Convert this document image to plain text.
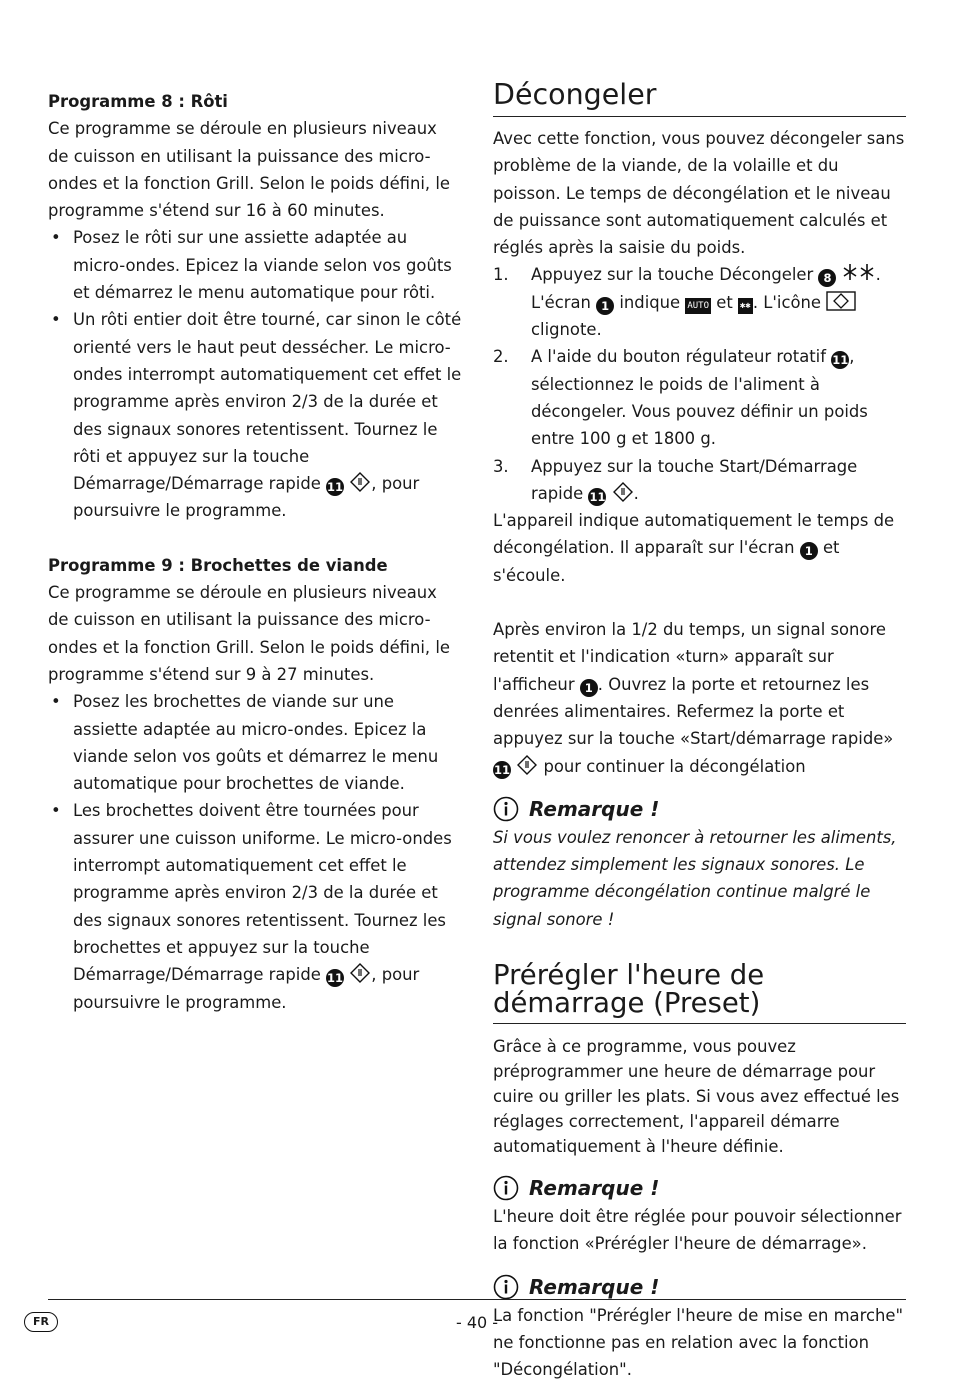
Programme 8 : Rôti

Ce programme se déroule en plusieurs niveaux de cuisson en utilisant la puissance des micro-ondes et la fonction Grill. Selon le poids défini, le programme s'étend sur 16 à 60 minutes.

• Posez le rôti sur une assiette adaptée au micro-ondes. Epicez la viande selon vos goûts et démarrez le menu automatique pour rôti.
• Un rôti entier doit être tourné, car sinon le côté orienté vers le haut peut dessécher. Le micro-ondes interrompt automatiquement cet effet le programme après environ 2/3 de la durée et des signaux sonores retentissent. Tournez le rôti et appuyez sur la touche Démarrage/Démarrage rapide 11 , pour poursuivre le programme.

Programme 9 : Brochettes de viande

Ce programme se déroule en plusieurs niveaux de cuisson en utilisant la puissance des micro-ondes et la fonction Grill. Selon le poids défini, le programme s'étend sur 9 à 27 minutes.

• Posez les brochettes de viande sur une assiette adaptée au micro-ondes. Epicez la viande selon vos goûts et démarrez le menu automatique pour brochettes de viande.
• Les brochettes doivent être tournées pour assurer une cuisson uniforme. Le micro-ondes interrompt automatiquement cet effet le programme après environ 2/3 de la durée et des signaux sonores retentissent. Tournez les brochettes et appuyez sur la touche Démarrage/Démarrage rapide 11 , pour poursuivre le programme.
Décongeler

Avec cette fonction, vous pouvez décongeler sans problème de la viande, de la volaille et du poisson. Le temps de décongélation et le niveau de puissance sont automatiquement calculés et réglés après la saisie du poids.

1. Appuyez sur la touche Décongeler 8	. L'écran 1 indique AUTO et ✱✱ . L'icône  clignote.
2. A l'aide du bouton régulateur rotatif 11, sélectionnez le poids de l'aliment à décongeler. Vous pouvez définir un poids entre 100 g et 1800 g.
3. Appuyez sur la touche Start/Démarrage rapide 11 .

L'appareil indique automatiquement le temps de décongélation. Il apparaît sur l'écran 1 et s'écoule.

Après environ la 1/2 du temps, un signal sonore retentit et l'indication «turn» apparaît sur l'afficheur 1 . Ouvrez la porte et retournez les denrées alimentaires. Refermez la porte et appuyez sur la touche «Start/démarrage rapide» 11 pour continuer la décongélation

Remarque !

Si vous voulez renoncer à retourner les aliments, attendez simplement les signaux sonores. Le programme décongélation continue malgré le signal sonore !

Prérégler l'heure de démarrage (Preset)

Grâce à ce programme, vous pouvez préprogrammer une heure de démarrage pour cuire ou griller les plats. Si vous avez effectué les réglages correctement, l'appareil démarre automatiquement à l'heure définie.

Remarque !

L'heure doit être réglée pour pouvoir sélectionner la fonction «Prérégler l'heure de démarrage».

Remarque !

La fonction "Prérégler l'heure de mise en marche" ne fonctionne pas en relation avec la fonction "Décongélation".

FR	- 40 -
